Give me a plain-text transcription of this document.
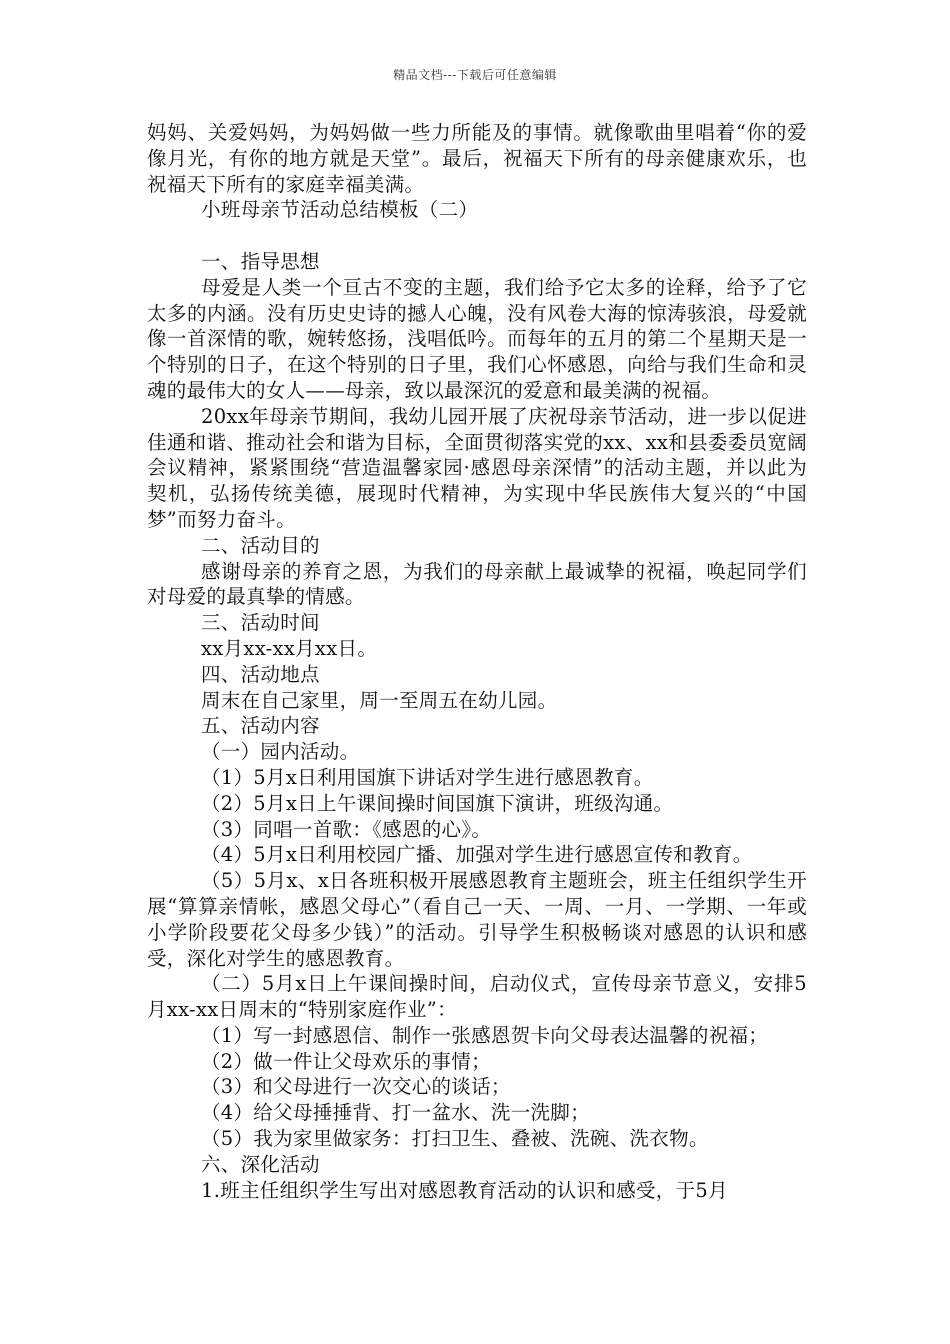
精品文档---下载后可任意编辑

妈妈、关爱妈妈，为妈妈做一些力所能及的事情。就像歌曲里唱着“你的爱像月光，有你的地方就是天堂”。最后，祝福天下所有的母亲健康欢乐，也祝福天下所有的家庭幸福美满。

小班母亲节活动总结模板（二）

一、指导思想

母爱是人类一个亘古不变的主题，我们给予它太多的诠释，给予了它太多的内涵。没有历史史诗的撼人心魄，没有风卷大海的惊涛骇浪，母爱就像一首深情的歌，婉转悠扬，浅唱低吟。而每年的五月的第二个星期天是一个特别的日子，在这个特别的日子里，我们心怀感恩，向给与我们生命和灵魂的最伟大的女人——母亲，致以最深沉的爱意和最美满的祝福。

20xx年母亲节期间，我幼儿园开展了庆祝母亲节活动，进一步以促进佳通和谐、推动社会和谐为目标，全面贯彻落实党的xx、xx和县委委员宽阔会议精神，紧紧围绕“营造温馨家园·感恩母亲深情”的活动主题，并以此为契机，弘扬传统美德，展现时代精神，为实现中华民族伟大复兴的“中国梦”而努力奋斗。

二、活动目的

感谢母亲的养育之恩，为我们的母亲献上最诚挚的祝福，唤起同学们对母爱的最真挚的情感。

三、活动时间

xx月xx-xx月xx日。

四、活动地点

周末在自己家里，周一至周五在幼儿园。

五、活动内容

（一）园内活动。

（1）5月x日利用国旗下讲话对学生进行感恩教育。

（2）5月x日上午课间操时间国旗下演讲，班级沟通。

（3）同唱一首歌：《感恩的心》。

（4）5月x日利用校园广播、加强对学生进行感恩宣传和教育。

（5）5月x、x日各班积极开展感恩教育主题班会，班主任组织学生开展“算算亲情帐，感恩父母心”（看自己一天、一周、一月、一学期、一年或小学阶段要花父母多少钱）”的活动。引导学生积极畅谈对感恩的认识和感受，深化对学生的感恩教育。

（二）5月x日上午课间操时间，启动仪式，宣传母亲节意义，安排5月xx-xx日周末的“特别家庭作业”：

（1）写一封感恩信、制作一张感恩贺卡向父母表达温馨的祝福；

（2）做一件让父母欢乐的事情；

（3）和父母进行一次交心的谈话；

（4）给父母捶捶背、打一盆水、洗一洗脚；

（5）我为家里做家务：打扫卫生、叠被、洗碗、洗衣物。

六、深化活动

1.班主任组织学生写出对感恩教育活动的认识和感受，于5月
